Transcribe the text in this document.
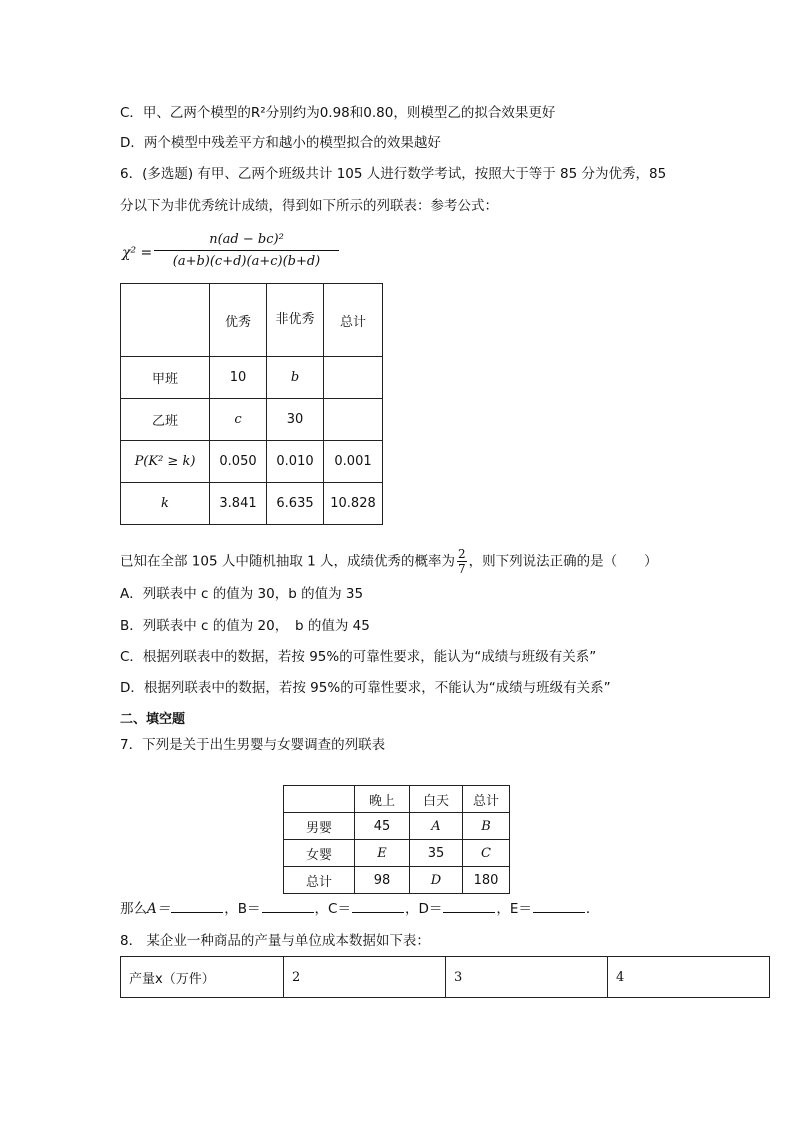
C．甲、乙两个模型的R²分别约为0.98和0.80，则模型乙的拟合效果更好
D．两个模型中残差平方和越小的模型拟合的效果越好
6．(多选题) 有甲、乙两个班级共计 105 人进行数学考试，按照大于等于 85 分为优秀，85
分以下为非优秀统计成绩，得到如下所示的列联表：参考公式：
χ² =
n(ad − bc)²
(a+b)(c+d)(a+c)(b+d)
	优秀	非优秀	总计
甲班	10	b	
乙班	c	30	
P(K² ≥ k)	0.050	0.010	0.001
k	3.841	6.635	10.828
已知在全部 105 人中随机抽取 1 人，成绩优秀的概率为 $\frac{2}{7}$ ，则下列说法正确的是（　　）
A．列联表中 c 的值为 30，b 的值为 35
B．列联表中 c 的值为 20，　b 的值为 45
C．根据列联表中的数据，若按 95%的可靠性要求，能认为“成绩与班级有关系”
D．根据列联表中的数据，若按 95%的可靠性要求，不能认为“成绩与班级有关系”
二、填空题
7．下列是关于出生男婴与女婴调查的列联表
	晚上	白天	总计
男婴	45	A	B
女婴	E	35	C
总计	98	D	180
那么A＝	，B＝	，C＝	，D＝	，E＝	．
8． 某企业一种商品的产量与单位成本数据如下表：
产量x（万件）	2	3	4
